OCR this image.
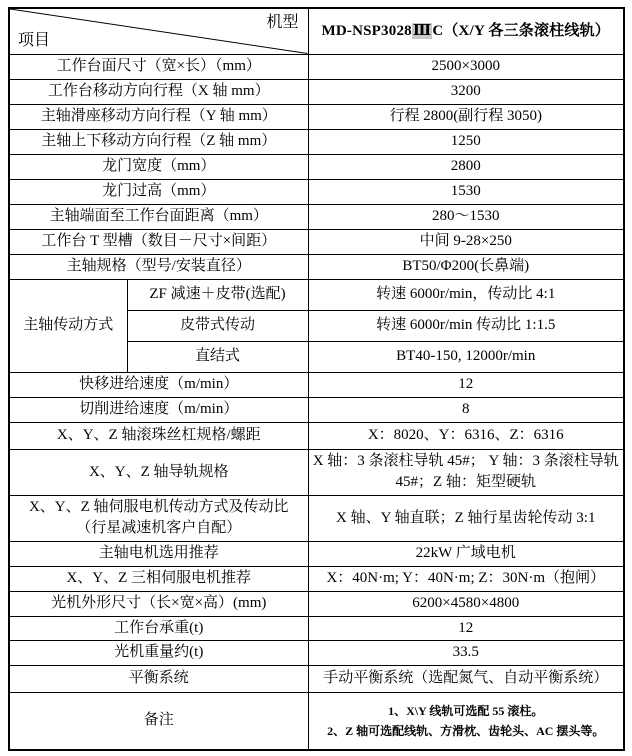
机型
项目		MD-NSP3028ⅢC（X/Y 各三条滚柱线轨）
工作台面尺寸（宽×长）（mm）		2500×3000
工作台移动方向行程（X 轴 mm）		3200
主轴滑座移动方向行程（Y 轴 mm）		行程 2800(副行程 3050)
主轴上下移动方向行程（Z 轴 mm）		1250
龙门宽度（mm）		2800
龙门过高（mm）		1530
主轴端面至工作台面距离（mm）		280～1530
工作台 T 型槽（数目－尺寸×间距）		中间 9-28×250
主轴规格（型号/安装直径）		BT50/Φ200(长鼻端)
主轴传动方式	ZF 减速＋皮带(选配)	转速 6000r/min，传动比 4:1
	皮带式传动	转速 6000r/min 传动比 1:1.5
	直结式	BT40-150, 12000r/min
快移进给速度（m/min）		12
切削进给速度（m/min）		8
X、Y、Z 轴滚珠丝杠规格/螺距		X：8020、Y：6316、Z：6316
X、Y、Z 轴导轨规格		X 轴：3 条滚柱导轨 45#； Y 轴：3 条滚柱导轨 45#；Z 轴：矩型硬轨

X、Y、Z 轴伺服电机传动方式及传动比
（行星减速机客户自配）		X 轴、Y 轴直联；Z 轴行星齿轮传动 3:1
主轴电机选用推荐		22kW 广域电机
X、Y、Z 三相伺服电机推荐		X：40N·m; Y：40N·m; Z：30N·m（抱闸）
光机外形尺寸（长×宽×高）(mm)		6200×4580×4800
工作台承重(t)		12
光机重量约(t)		33.5
平衡系统		手动平衡系统（选配氮气、自动平衡系统）
备注		1、X\Y 线轨可选配 55 滚柱。
2、Z 轴可选配线轨、方滑枕、齿轮头、AC 摆头等。
